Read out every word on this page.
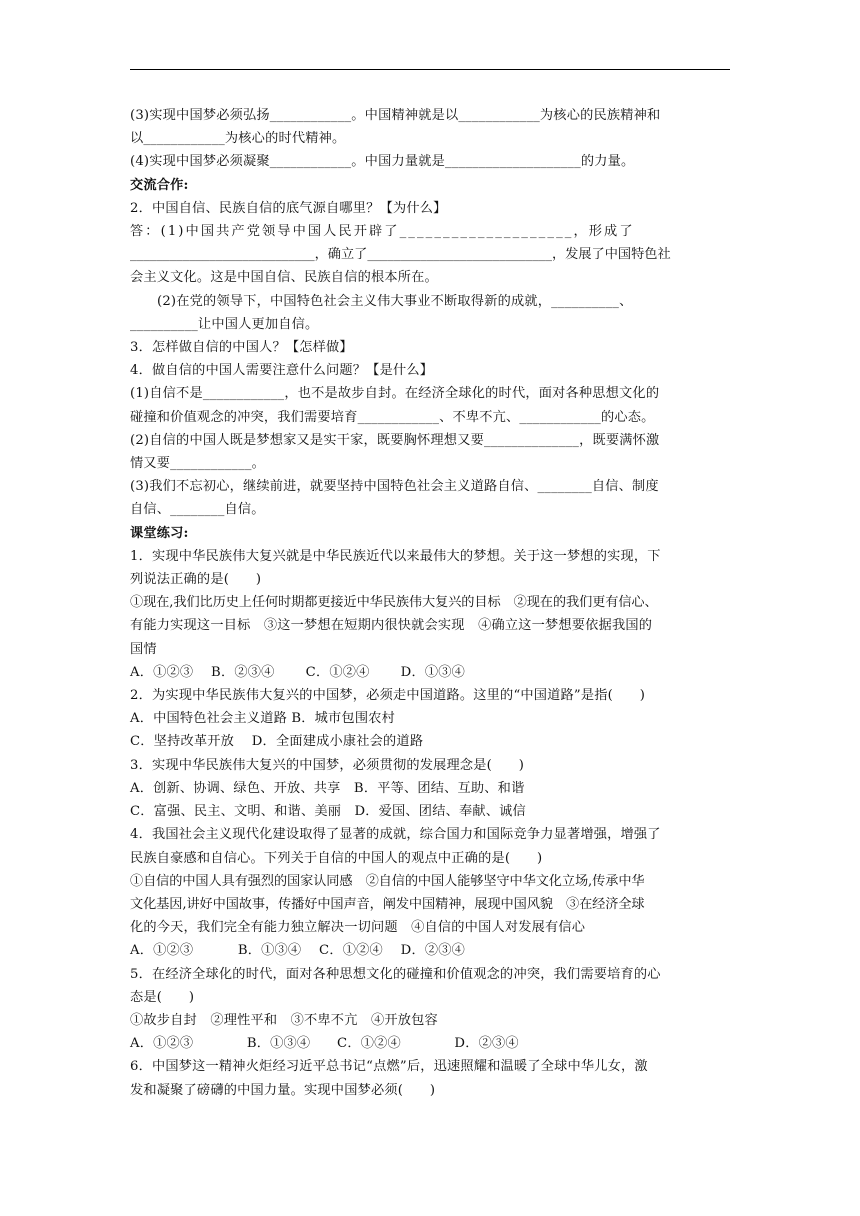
(3)实现中国梦必须弘扬____________。中国精神就是以____________为核心的民族精神和

以____________为核心的时代精神。

(4)实现中国梦必须凝聚____________。中国力量就是____________________的力量。

交流合作:

2．中国自信、民族自信的底气源自哪里？【为什么】

答：(1)中国共产党领导中国人民开辟了____________________，形成了

____________________________，确立了____________________________，发展了中国特色社

会主义文化。这是中国自信、民族自信的根本所在。

(2)在党的领导下，中国特色社会主义伟大事业不断取得新的成就，__________、

__________让中国人更加自信。

3．怎样做自信的中国人？【怎样做】

4．做自信的中国人需要注意什么问题？【是什么】

(1)自信不是____________，也不是故步自封。在经济全球化的时代，面对各种思想文化的

碰撞和价值观念的冲突，我们需要培育____________、不卑不亢、____________的心态。

(2)自信的中国人既是梦想家又是实干家，既要胸怀理想又要______________，既要满怀激

情又要____________。

(3)我们不忘初心，继续前进，就要坚持中国特色社会主义道路自信、________自信、制度

自信、________自信。

课堂练习:

1．实现中华民族伟大复兴就是中华民族近代以来最伟大的梦想。关于这一梦想的实现，下

列说法正确的是(　　)

①现在,我们比历史上任何时期都更接近中华民族伟大复兴的目标　②现在的我们更有信心、

有能力实现这一目标　③这一梦想在短期内很快就会实现　④确立这一梦想要依据我国的

国情

A．①②③　 B．②③④　　 C．①②④　　 D．①③④

2．为实现中华民族伟大复兴的中国梦，必须走中国道路。这里的“中国道路”是指(　　)

A．中国特色社会主义道路 B．城市包围农村

C．坚持改革开放　 D．全面建成小康社会的道路

3．实现中华民族伟大复兴的中国梦，必须贯彻的发展理念是(　　)

A．创新、协调、绿色、开放、共享　B．平等、团结、互助、和谐

C．富强、民主、文明、和谐、美丽　D．爱国、团结、奉献、诚信

4．我国社会主义现代化建设取得了显著的成就，综合国力和国际竞争力显著增强，增强了

民族自豪感和自信心。下列关于自信的中国人的观点中正确的是(　　)

①自信的中国人具有强烈的国家认同感　②自信的中国人能够坚守中华文化立场,传承中华

文化基因,讲好中国故事，传播好中国声音，阐发中国精神，展现中国风貌　③在经济全球

化的今天，我们完全有能力独立解决一切问题　④自信的中国人对发展有信心

A．①②③　　　 B．①③④　 C．①②④　 D．②③④

5．在经济全球化的时代，面对各种思想文化的碰撞和价值观念的冲突，我们需要培育的心

态是(　　)

①故步自封　②理性平和　③不卑不亢　④开放包容

A．①②③　　　　B．①③④　　C．①②④　　　　D．②③④

6．中国梦这一精神火炬经习近平总书记“点燃”后，迅速照耀和温暖了全球中华儿女，激

发和凝聚了磅礴的中国力量。实现中国梦必须(　　)
